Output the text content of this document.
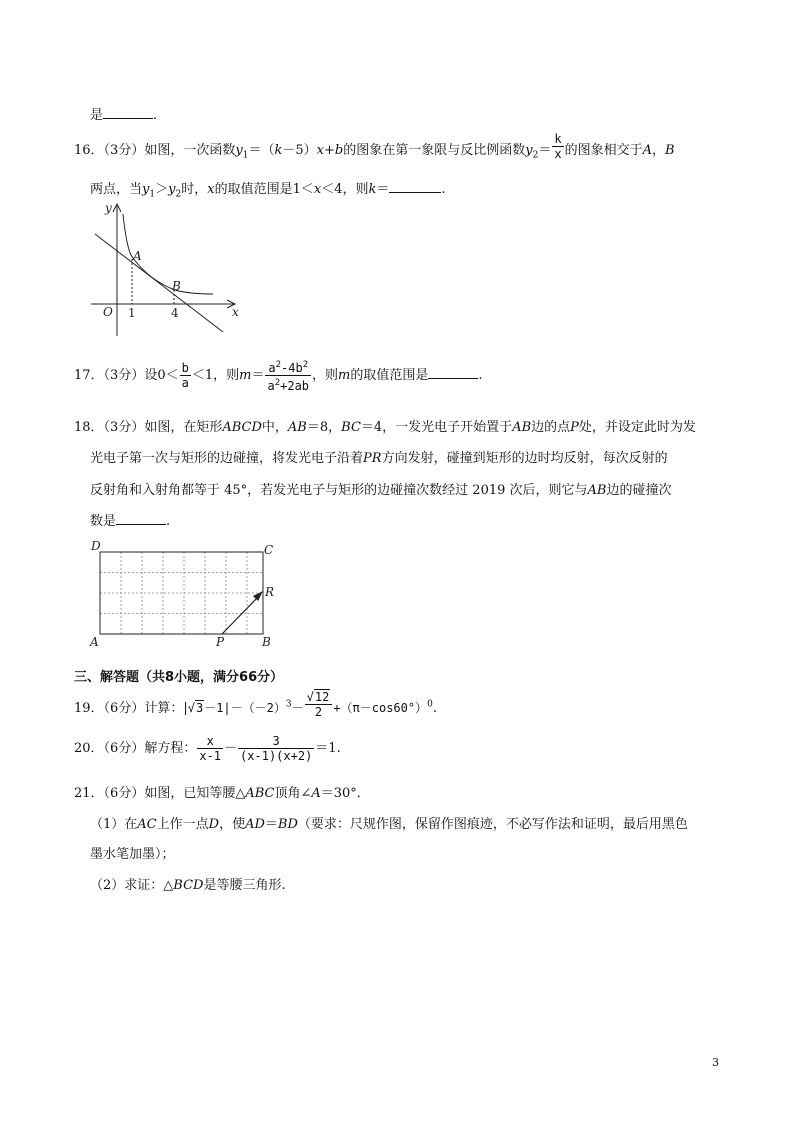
是	.
16．（3分）如图，一次函数$y_1=(k-5)x+b$的图象在第一象限与反比例函数$y_2= \frac{k}{x}$ 的图象相交于A，B
两点，当$y_1>y_2$时，x的取值范围是1＜x＜4，则k＝	.
y
x
O
A
B
1	4
17．（3分）设$0< \frac{b}{a} <1$，则$m= \frac{a^2-4b^2}{a^2+2ab}$ ，则m的取值范围是	.
18．（3分）如图，在矩形ABCD中，AB＝8，BC＝4，一发光电子开始置于AB边的点P处，并设定此时为发
光电子第一次与矩形的边碰撞，将发光电子沿着PR方向发射，碰撞到矩形的边时均反射，每次反射的
反射角和入射角都等于 45°，若发光电子与矩形的边碰撞次数经过 2019 次后，则它与AB边的碰撞次
数是	.
D	C
R
A	P	B
三、解答题（共8小题，满分66分）
19．（6分）计算：$|√3-1|-(-2)^3- \frac{√12}{2} +(\pi-\cos 60^\circ)^0$.
20．（6分）解方程： $\frac{x}{x-1} - \frac{3}{(x-1)(x+2)} =1$.
21．（6分）如图，已知等腰△ABC顶角∠A＝30°．
（1）在AC上作一点D，使AD＝BD（要求：尺规作图，保留作图痕迹，不必写作法和证明，最后用黑色
墨水笔加墨）；
（2）求证：△BCD是等腰三角形.
3
